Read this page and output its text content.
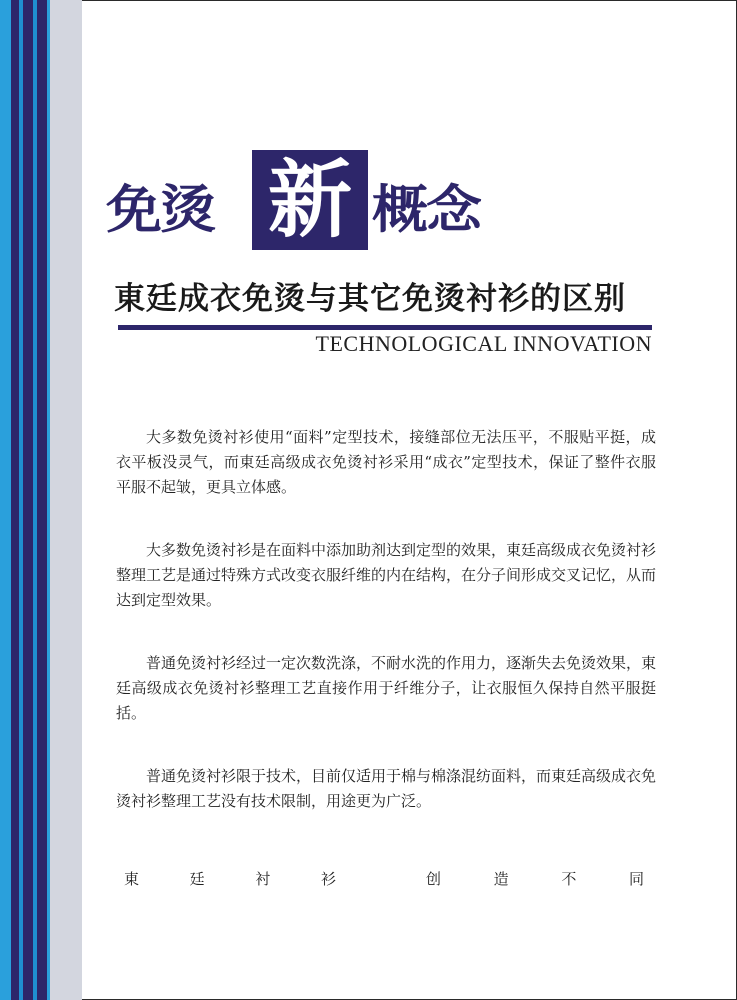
免烫 新 概念
東廷成衣免烫与其它免烫衬衫的区别
TECHNOLOGICAL INNOVATION

大多数免烫衬衫使用“面料”定型技术，接缝部位无法压平，不服贴平挺，成衣平板没灵气，而東廷高级成衣免烫衬衫采用“成衣”定型技术，保证了整件衣服平服不起皱，更具立体感。

大多数免烫衬衫是在面料中添加助剂达到定型的效果，東廷高级成衣免烫衬衫整理工艺是通过特殊方式改变衣服纤维的内在结构，在分子间形成交叉记忆，从而达到定型效果。

普通免烫衬衫经过一定次数洗涤，不耐水洗的作用力，逐渐失去免烫效果，東廷高级成衣免烫衬衫整理工艺直接作用于纤维分子，让衣服恒久保持自然平服挺括。

普通免烫衬衫限于技术，目前仅适用于棉与棉涤混纺面料，而東廷高级成衣免烫衬衫整理工艺没有技术限制，用途更为广泛。

東	廷	衬	衫	创	造	不	同
